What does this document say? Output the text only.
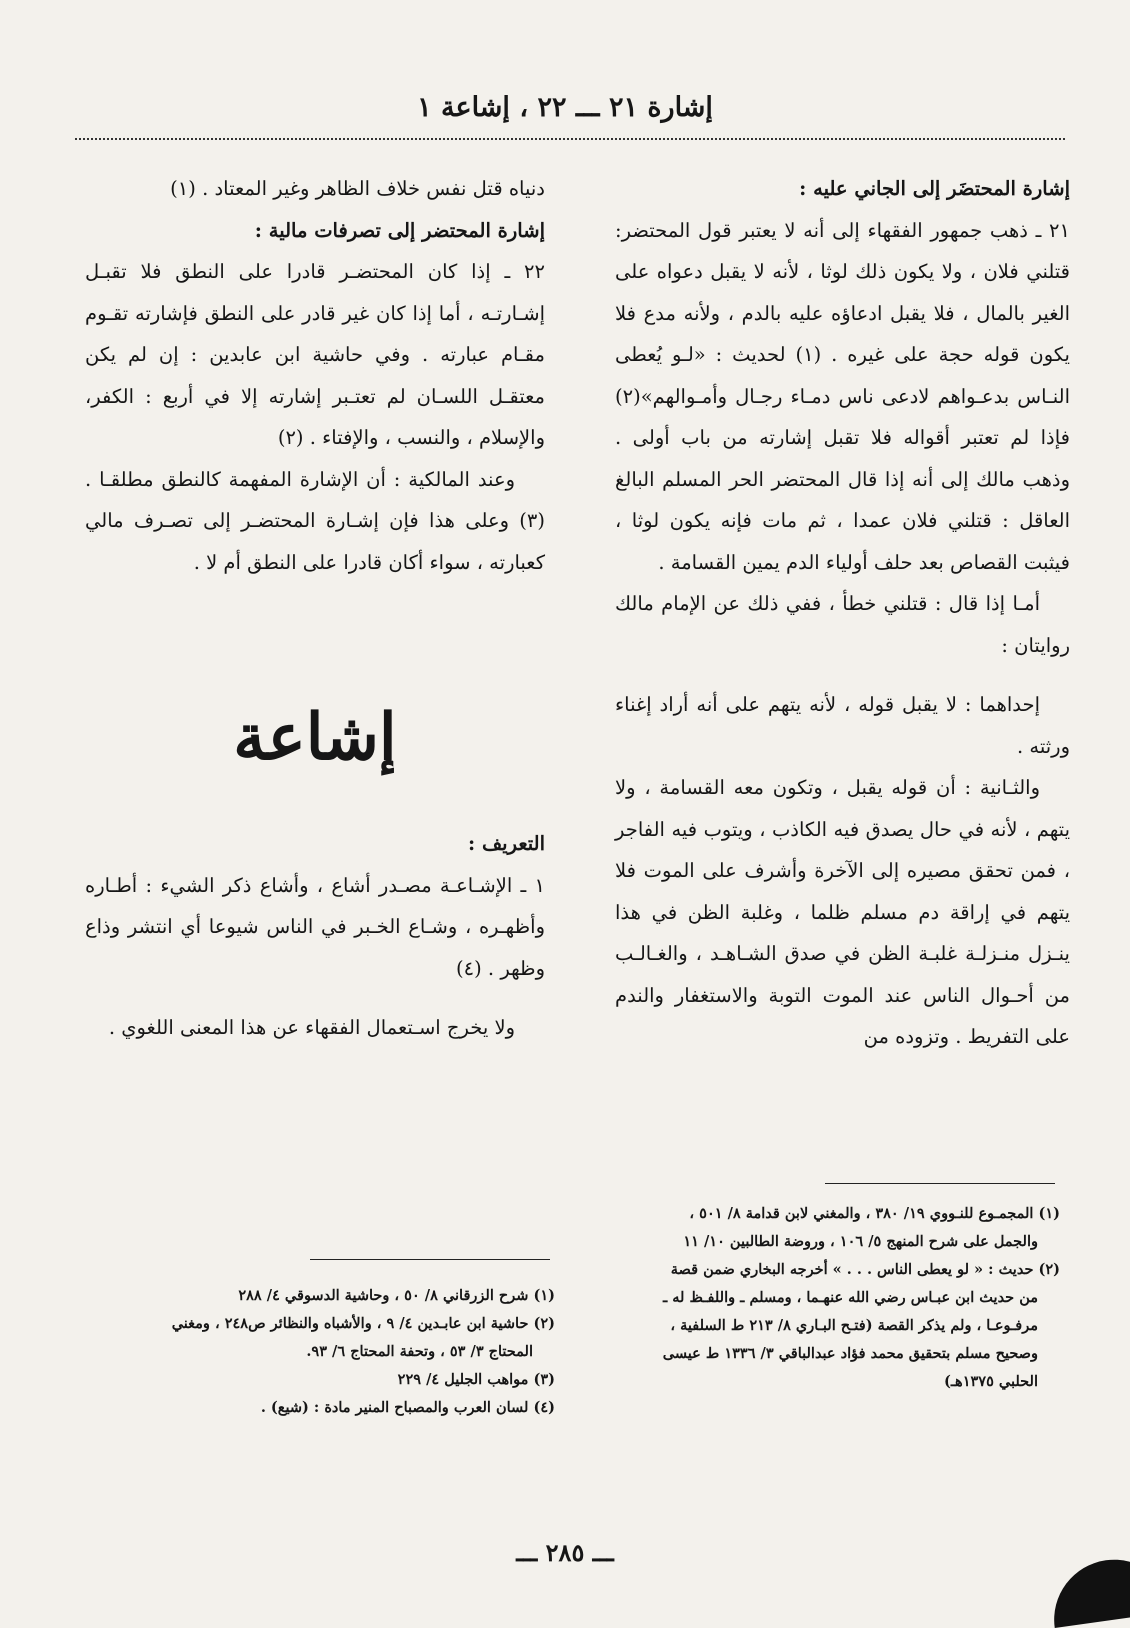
إشارة ٢١ ـــ ٢٢ ، إشاعة ١

إشارة المحتضَر إلى الجاني عليه :

٢١ ـ ذهب جمهور الفقهاء إلى أنه لا يعتبر قول المحتضر: قتلني فلان ، ولا يكون ذلك لوثا ، لأنه لا يقبل دعواه على الغير بالمال ، فلا يقبل ادعاؤه عليه بالدم ، ولأنه مدع فلا يكون قوله حجة على غيره . (١) لحديث : «لـو يُعطى النـاس بدعـواهم لادعى ناس دمـاء رجـال وأمـوالهم»(٢) فإذا لم تعتبر أقواله فلا تقبل إشارته من باب أولى . وذهب مالك إلى أنه إذا قال المحتضر الحر المسلم البالغ العاقل : قتلني فلان عمدا ، ثم مات فإنه يكون لوثا ، فيثبت القصاص بعد حلف أولياء الدم يمين القسامة .

أمـا إذا قال : قتلني خطأ ، ففي ذلك عن الإمام مالك روايتان :

إحداهما : لا يقبل قوله ، لأنه يتهم على أنه أراد إغناء ورثته .

والثـانية : أن قوله يقبل ، وتكون معه القسامة ، ولا يتهم ، لأنه في حال يصدق فيه الكاذب ، ويتوب فيه الفاجر ، فمن تحقق مصيره إلى الآخرة وأشرف على الموت فلا يتهم في إراقة دم مسلم ظلما ، وغلبة الظن في هذا ينـزل منـزلـة غلبـة الظن في صدق الشـاهـد ، والغـالـب من أحـوال الناس عند الموت التوبة والاستغفار والندم على التفريط . وتزوده من

دنياه قتل نفس خلاف الظاهر وغير المعتاد . (١)

إشارة المحتضر إلى تصرفات مالية :

٢٢ ـ إذا كان المحتضـر قادرا على النطق فلا تقبـل إشـارتـه ، أما إذا كان غير قادر على النطق فإشارته تقـوم مقـام عبارته . وفي حاشية ابن عابدين : إن لم يكن معتقـل اللسـان لم تعتـبر إشارته إلا في أربع : الكفر، والإسلام ، والنسب ، والإفتاء . (٢)

وعند المالكية : أن الإشارة المفهمة كالنطق مطلقـا . (٣) وعلى هذا فإن إشـارة المحتضـر إلى تصـرف مالي كعبارته ، سواء أكان قادرا على النطق أم لا .

إشاعة

التعريف :

١ ـ الإشـاعـة مصـدر أشاع ، وأشاع ذكر الشيء : أطـاره وأظهـره ، وشـاع الخـبر في الناس شيوعا أي انتشر وذاع وظهر . (٤)

ولا يخرج اسـتعمال الفقهاء عن هذا المعنى اللغوي .

(١) المجمـوع للنـووي ١٩/ ٣٨٠ ، والمغني لابن قدامة ٨/ ٥٠١ ،

والجمل على شرح المنهج ٥/ ١٠٦ ، وروضة الطالبين ١٠/ ١١

(٢) حديث : « لو يعطى الناس . . . » أخرجه البخاري ضمن قصة

من حديث ابن عبـاس رضي الله عنهـما ، ومسلم ـ واللفـظ له ـ

مرفـوعـا ، ولم يذكر القصة (فتـح البـاري ٨/ ٢١٣ ط السلفية ،

وصحيح مسلم بتحقيق محمد فؤاد عبدالباقي ٣/ ١٣٣٦ ط عيسى

الحلبي ١٣٧٥هـ)

(١) شرح الزرقاني ٨/ ٥٠ ، وحاشية الدسوقي ٤/ ٢٨٨

(٢) حاشية ابن عابـدين ٤/ ٩ ، والأشباه والنظائر ص٢٤٨ ، ومغني

المحتاج ٣/ ٥٣ ، وتحفة المحتاج ٦/ ٩٣.

(٣) مواهب الجليل ٤/ ٢٢٩

(٤) لسان العرب والمصباح المنير مادة : (شيع) .

ـــ ٢٨٥ ـــ
